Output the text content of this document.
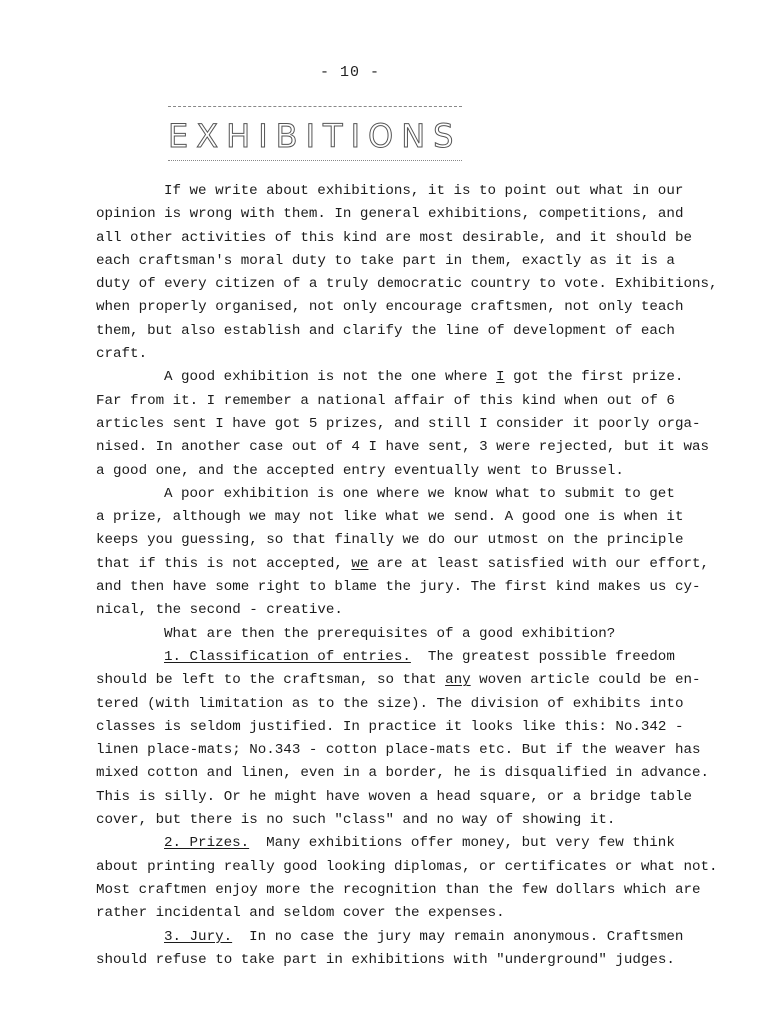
- 10 -
EXHIBITIONS
If we write about exhibitions, it is to point out what in our
opinion is wrong with them. In general exhibitions, competitions, and
all other activities of this kind are most desirable, and it should be
each craftsman's moral duty to take part in them, exactly as it is a
duty of every citizen of a truly democratic country to vote. Exhibitions,
when properly organised, not only encourage craftsmen, not only teach
them, but also establish and clarify the line of development of each
craft.
A good exhibition is not the one where I got the first prize.
Far from it. I remember a national affair of this kind when out of 6
articles sent I have got 5 prizes, and still I consider it poorly orga-
nised. In another case out of 4 I have sent, 3 were rejected, but it was
a good one, and the accepted entry eventually went to Brussel.
A poor exhibition is one where we know what to submit to get
a prize, although we may not like what we send. A good one is when it
keeps you guessing, so that finally we do our utmost on the principle
that if this is not accepted, we are at least satisfied with our effort,
and then have some right to blame the jury. The first kind makes us cy-
nical, the second - creative.
What are then the prerequisites of a good exhibition?
1. Classification of entries.  The greatest possible freedom
should be left to the craftsman, so that any woven article could be en-
tered (with limitation as to the size). The division of exhibits into
classes is seldom justified. In practice it looks like this: No.342 -
linen place-mats; No.343 - cotton place-mats etc. But if the weaver has
mixed cotton and linen, even in a border, he is disqualified in advance.
This is silly. Or he might have woven a head square, or a bridge table
cover, but there is no such "class" and no way of showing it.
2. Prizes.  Many exhibitions offer money, but very few think
about printing really good looking diplomas, or certificates or what not.
Most craftmen enjoy more the recognition than the few dollars which are
rather incidental and seldom cover the expenses.
3. Jury.  In no case the jury may remain anonymous. Craftsmen
should refuse to take part in exhibitions with "underground" judges.
